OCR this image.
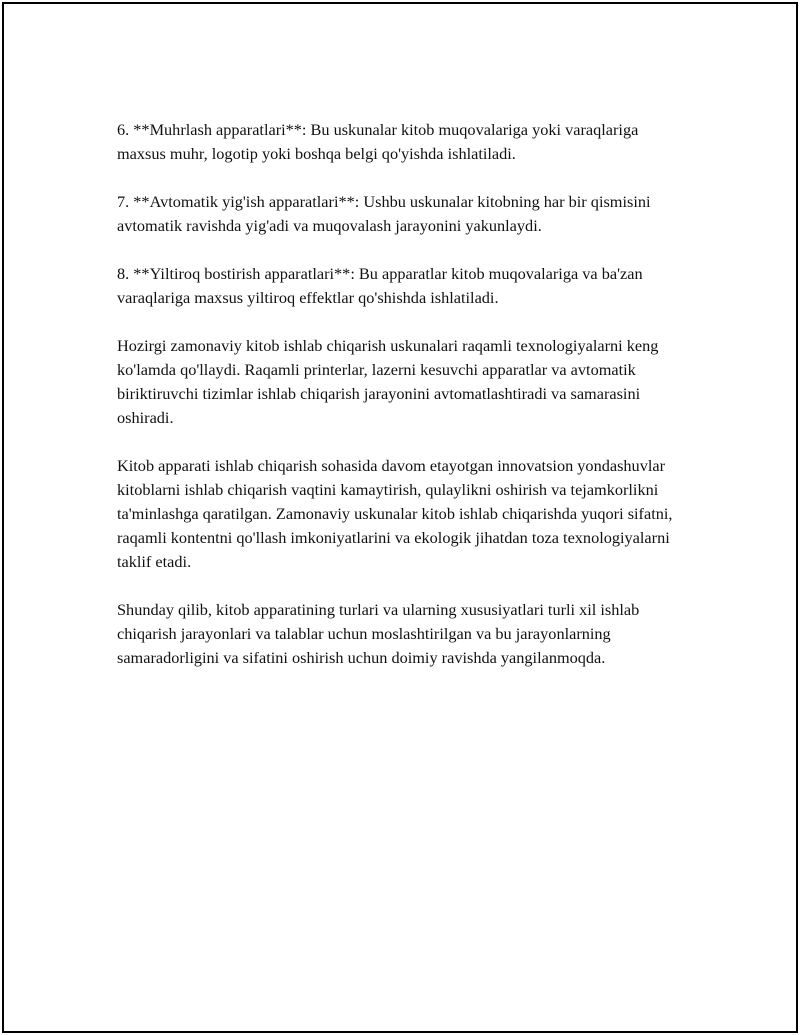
6. **Muhrlash apparatlari**: Bu uskunalar kitob muqovalariga yoki varaqlariga maxsus muhr, logotip yoki boshqa belgi qo'yishda ishlatiladi.

7. **Avtomatik yig'ish apparatlari**: Ushbu uskunalar kitobning har bir qismisini avtomatik ravishda yig'adi va muqovalash jarayonini yakunlaydi.

8. **Yiltiroq bostirish apparatlari**: Bu apparatlar kitob muqovalariga va ba'zan varaqlariga maxsus yiltiroq effektlar qo'shishda ishlatiladi.

Hozirgi zamonaviy kitob ishlab chiqarish uskunalari raqamli texnologiyalarni keng ko'lamda qo'llaydi. Raqamli printerlar, lazerni kesuvchi apparatlar va avtomatik biriktiruvchi tizimlar ishlab chiqarish jarayonini avtomatlashtiradi va samarasini oshiradi.

Kitob apparati ishlab chiqarish sohasida davom etayotgan innovatsion yondashuvlar kitoblarni ishlab chiqarish vaqtini kamaytirish, qulaylikni oshirish va tejamkorlikni ta'minlashga qaratilgan. Zamonaviy uskunalar kitob ishlab chiqarishda yuqori sifatni, raqamli kontentni qo'llash imkoniyatlarini va ekologik jihatdan toza texnologiyalarni taklif etadi.

Shunday qilib, kitob apparatining turlari va ularning xususiyatlari turli xil ishlab chiqarish jarayonlari va talablar uchun moslashtirilgan va bu jarayonlarning samaradorligini va sifatini oshirish uchun doimiy ravishda yangilanmoqda.
